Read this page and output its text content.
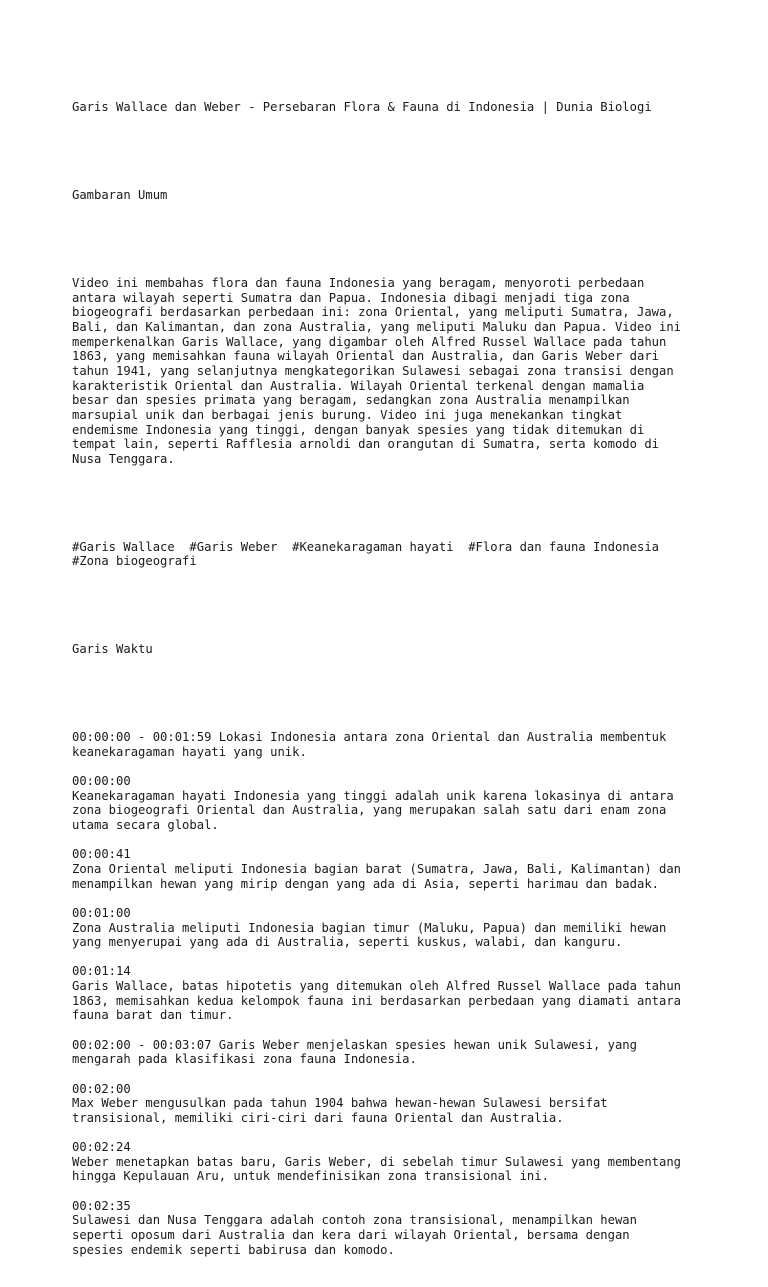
Garis Wallace dan Weber - Persebaran Flora & Fauna di Indonesia | Dunia Biologi

Gambaran Umum

Video ini membahas flora dan fauna Indonesia yang beragam, menyoroti perbedaan
antara wilayah seperti Sumatra dan Papua. Indonesia dibagi menjadi tiga zona
biogeografi berdasarkan perbedaan ini: zona Oriental, yang meliputi Sumatra, Jawa,
Bali, dan Kalimantan, dan zona Australia, yang meliputi Maluku dan Papua. Video ini
memperkenalkan Garis Wallace, yang digambar oleh Alfred Russel Wallace pada tahun
1863, yang memisahkan fauna wilayah Oriental dan Australia, dan Garis Weber dari
tahun 1941, yang selanjutnya mengkategorikan Sulawesi sebagai zona transisi dengan
karakteristik Oriental dan Australia. Wilayah Oriental terkenal dengan mamalia
besar dan spesies primata yang beragam, sedangkan zona Australia menampilkan
marsupial unik dan berbagai jenis burung. Video ini juga menekankan tingkat
endemisme Indonesia yang tinggi, dengan banyak spesies yang tidak ditemukan di
tempat lain, seperti Rafflesia arnoldi dan orangutan di Sumatra, serta komodo di
Nusa Tenggara.

#Garis Wallace  #Garis Weber  #Keanekaragaman hayati  #Flora dan fauna Indonesia
#Zona biogeografi

Garis Waktu

00:00:00 - 00:01:59 Lokasi Indonesia antara zona Oriental dan Australia membentuk
keanekaragaman hayati yang unik.
00:00:00
Keanekaragaman hayati Indonesia yang tinggi adalah unik karena lokasinya di antara
zona biogeografi Oriental dan Australia, yang merupakan salah satu dari enam zona
utama secara global.
00:00:41
Zona Oriental meliputi Indonesia bagian barat (Sumatra, Jawa, Bali, Kalimantan) dan
menampilkan hewan yang mirip dengan yang ada di Asia, seperti harimau dan badak.
00:01:00
Zona Australia meliputi Indonesia bagian timur (Maluku, Papua) dan memiliki hewan
yang menyerupai yang ada di Australia, seperti kuskus, walabi, dan kanguru.
00:01:14
Garis Wallace, batas hipotetis yang ditemukan oleh Alfred Russel Wallace pada tahun
1863, memisahkan kedua kelompok fauna ini berdasarkan perbedaan yang diamati antara
fauna barat dan timur.
00:02:00 - 00:03:07 Garis Weber menjelaskan spesies hewan unik Sulawesi, yang
mengarah pada klasifikasi zona fauna Indonesia.
00:02:00
Max Weber mengusulkan pada tahun 1904 bahwa hewan-hewan Sulawesi bersifat
transisional, memiliki ciri-ciri dari fauna Oriental dan Australia.
00:02:24
Weber menetapkan batas baru, Garis Weber, di sebelah timur Sulawesi yang membentang
hingga Kepulauan Aru, untuk mendefinisikan zona transisional ini.
00:02:35
Sulawesi dan Nusa Tenggara adalah contoh zona transisional, menampilkan hewan
seperti oposum dari Australia dan kera dari wilayah Oriental, bersama dengan
spesies endemik seperti babirusa dan komodo.
